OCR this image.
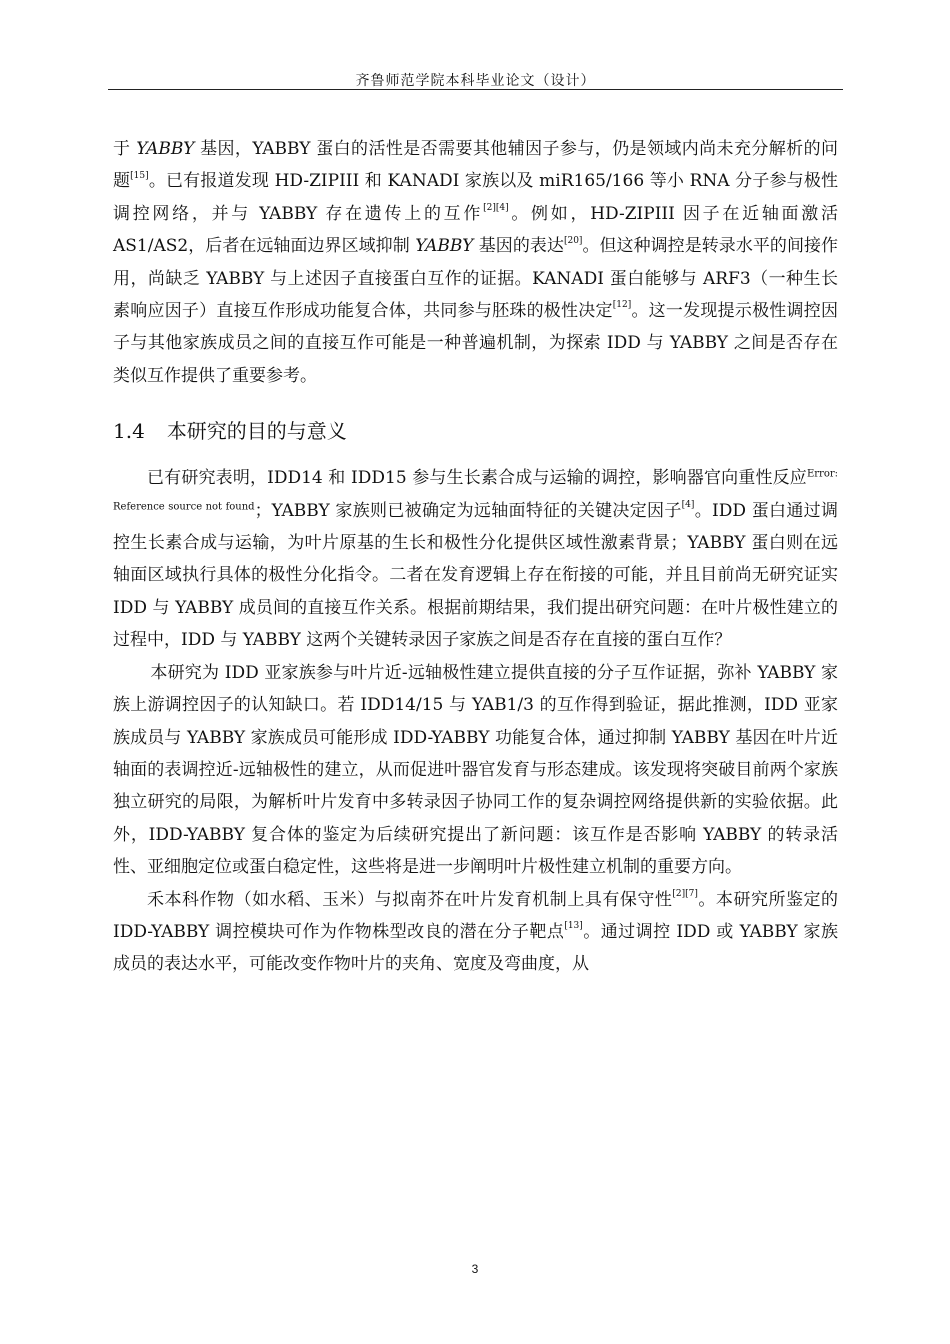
齐鲁师范学院本科毕业论文（设计）

于 YABBY 基因，YABBY 蛋白的活性是否需要其他辅因子参与，仍是领域内尚未充分解析的问题[15]。已有报道发现 HD-ZIPIII 和 KANADI 家族以及 miR165/166 等小 RNA 分子参与极性调控网络，并与 YABBY 存在遗传上的互作[2][4]。例如，HD-ZIPIII 因子在近轴面激活 AS1/AS2，后者在远轴面边界区域抑制 YABBY 基因的表达[20]。但这种调控是转录水平的间接作用，尚缺乏 YABBY 与上述因子直接蛋白互作的证据。KANADI 蛋白能够与 ARF3（一种生长素响应因子）直接互作形成功能复合体，共同参与胚珠的极性决定[12]。这一发现提示极性调控因子与其他家族成员之间的直接互作可能是一种普遍机制，为探索 IDD 与 YABBY 之间是否存在类似互作提供了重要参考。

1.4 本研究的目的与意义

已有研究表明，IDD14 和 IDD15 参与生长素合成与运输的调控，影响器官向重性反应$^{Error: Reference source not found}$；YABBY 家族则已被确定为远轴面特征的关键决定因子[4]。IDD 蛋白通过调控生长素合成与运输，为叶片原基的生长和极性分化提供区域性激素背景；YABBY 蛋白则在远轴面区域执行具体的极性分化指令。二者在发育逻辑上存在衔接的可能，并且目前尚无研究证实 IDD 与 YABBY 成员间的直接互作关系。根据前期结果，我们提出研究问题：在叶片极性建立的过程中，IDD 与 YABBY 这两个关键转录因子家族之间是否存在直接的蛋白互作？

本研究为 IDD 亚家族参与叶片近-远轴极性建立提供直接的分子互作证据，弥补 YABBY 家族上游调控因子的认知缺口。若 IDD14/15 与 YAB1/3 的互作得到验证，据此推测，IDD 亚家族成员与 YABBY 家族成员可能形成 IDD-YABBY 功能复合体，通过抑制 YABBY 基因在叶片近轴面的表调控近-远轴极性的建立，从而促进叶器官发育与形态建成。该发现将突破目前两个家族独立研究的局限，为解析叶片发育中多转录因子协同工作的复杂调控网络提供新的实验依据。此外，IDD-YABBY 复合体的鉴定为后续研究提出了新问题：该互作是否影响 YABBY 的转录活性、亚细胞定位或蛋白稳定性，这些将是进一步阐明叶片极性建立机制的重要方向。

禾本科作物（如水稻、玉米）与拟南芥在叶片发育机制上具有保守性[2][7]。本研究所鉴定的 IDD-YABBY 调控模块可作为作物株型改良的潜在分子靶点[13]。通过调控 IDD 或 YABBY 家族成员的表达水平，可能改变作物叶片的夹角、宽度及弯曲度，从

3
